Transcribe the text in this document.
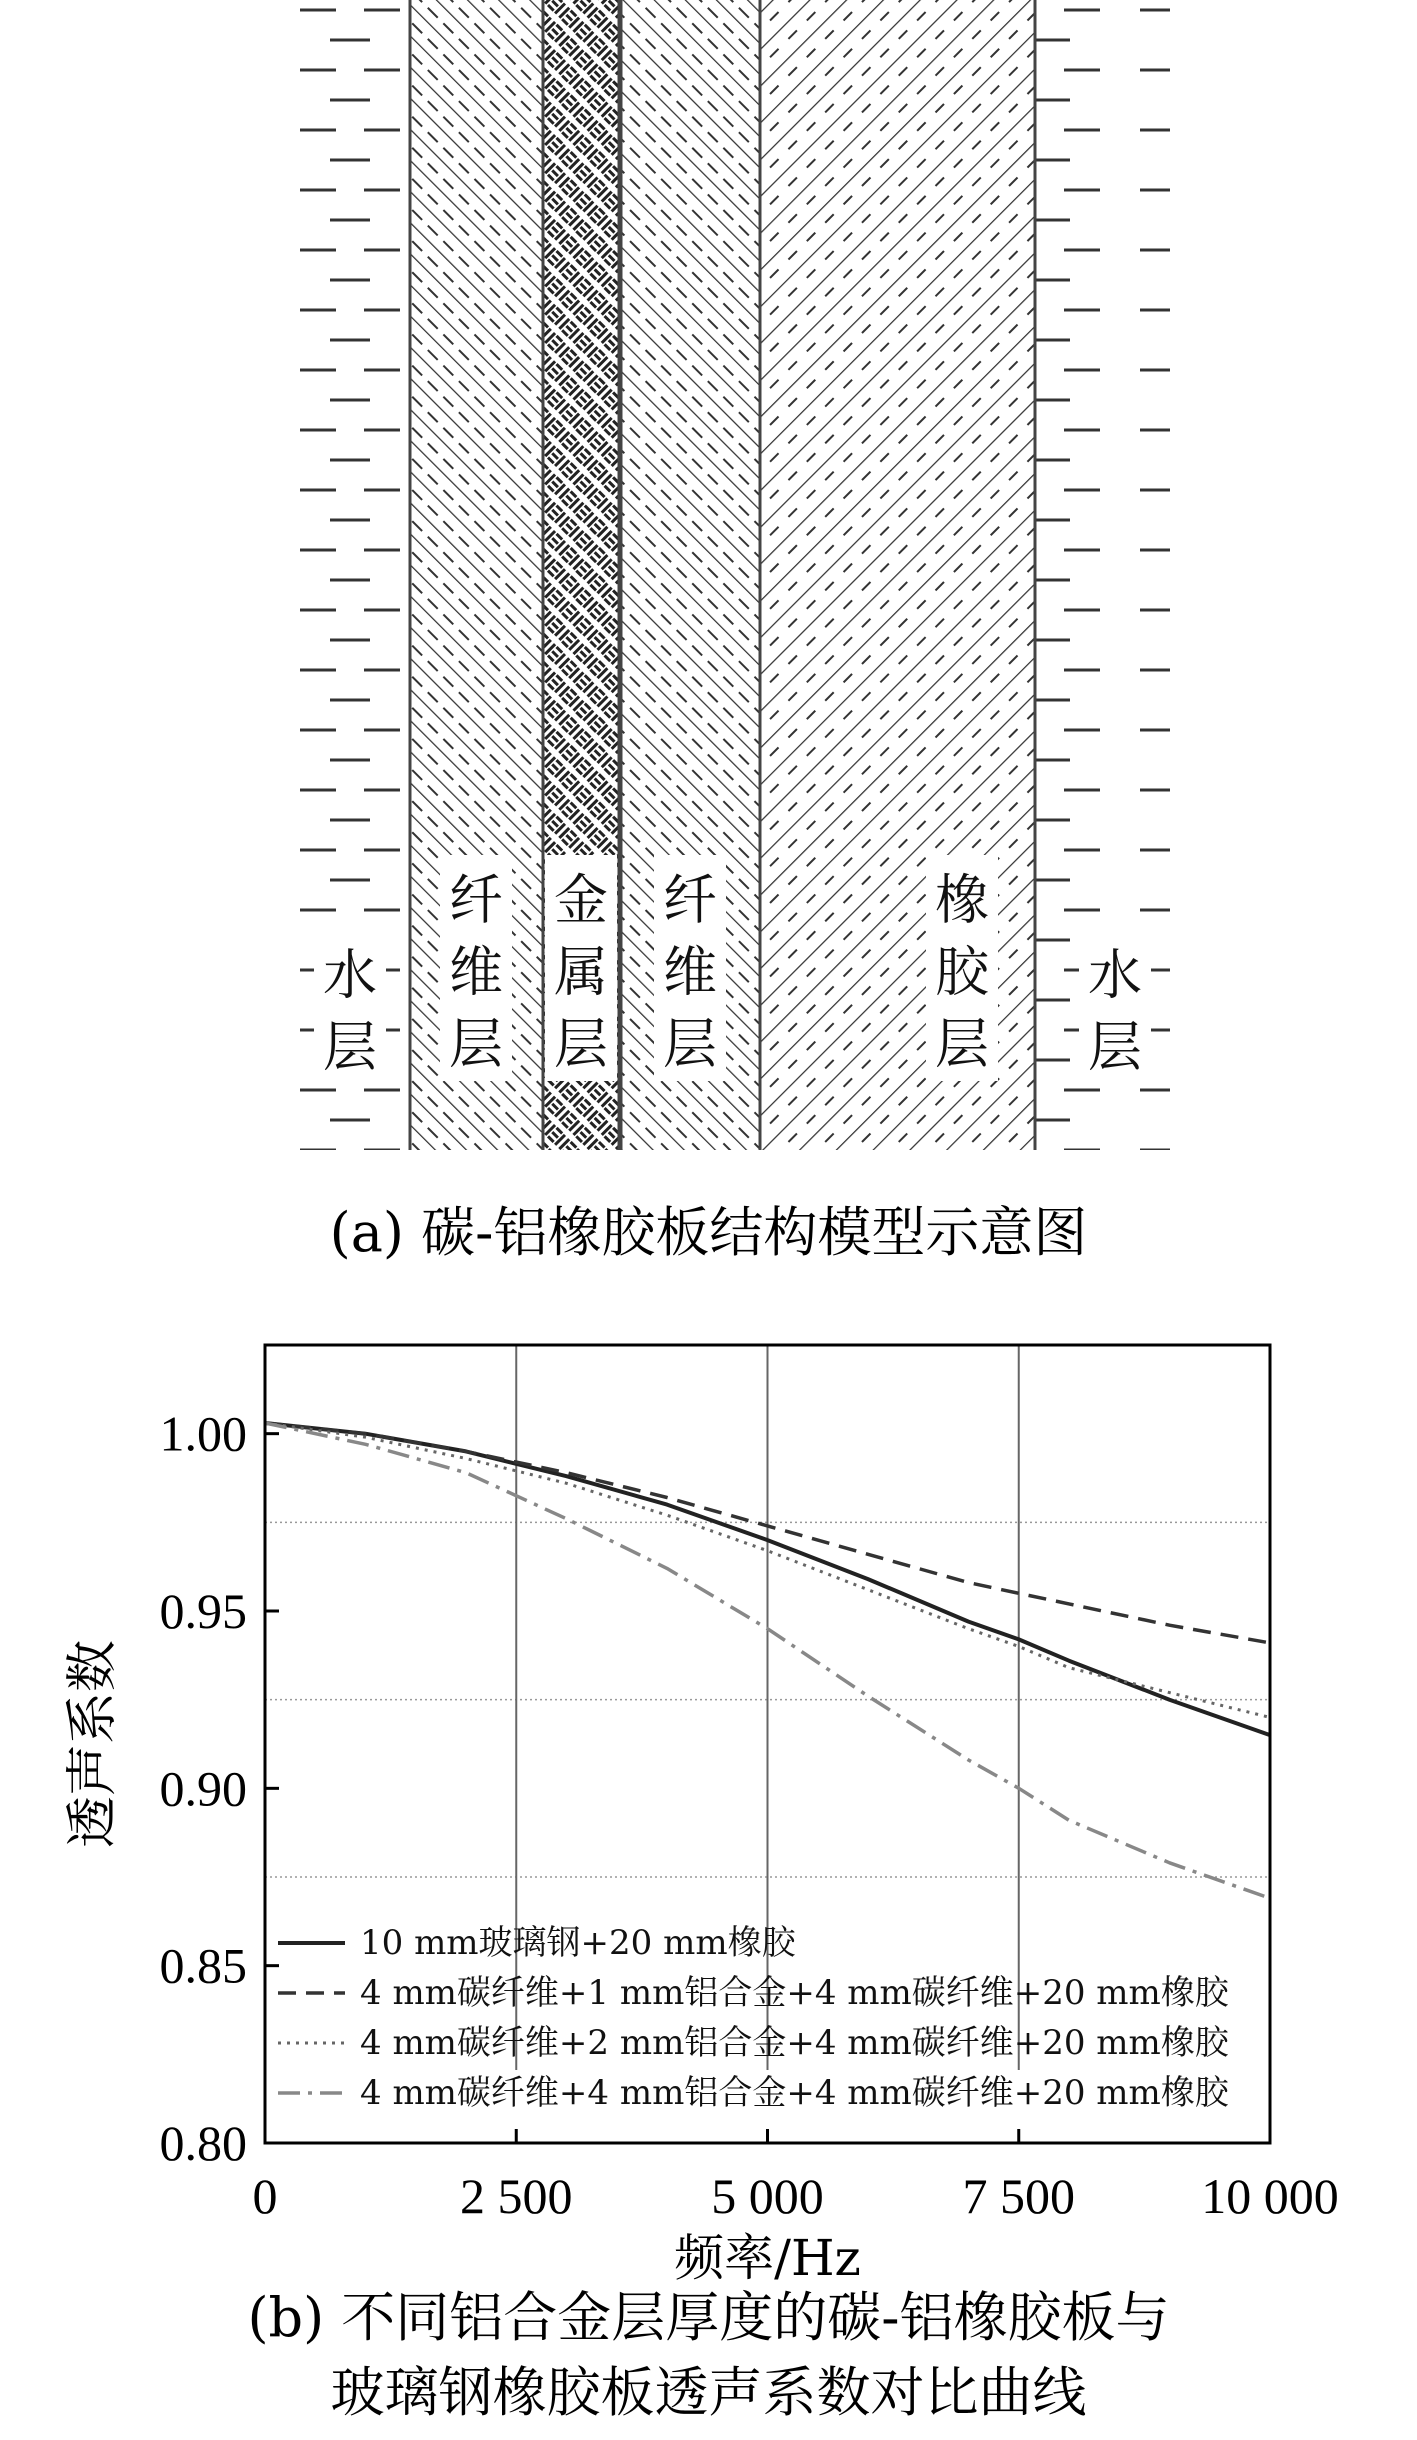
水
层
纤
维
层
金
属
层
纤
维
层
橡
胶
层
水
层
0	2 500	5 000	7 500	10 000
0.80
0.85
0.90
0.95
1.00
频率/Hz
透声系数
10 mm玻璃钢+20 mm橡胶
4 mm碳纤维+1 mm铝合金+4 mm碳纤维+20 mm橡胶
4 mm碳纤维+2 mm铝合金+4 mm碳纤维+20 mm橡胶
4 mm碳纤维+4 mm铝合金+4 mm碳纤维+20 mm橡胶
(a) 碳-铝橡胶板结构模型示意图
(b) 不同铝合金层厚度的碳-铝橡胶板与
玻璃钢橡胶板透声系数对比曲线
